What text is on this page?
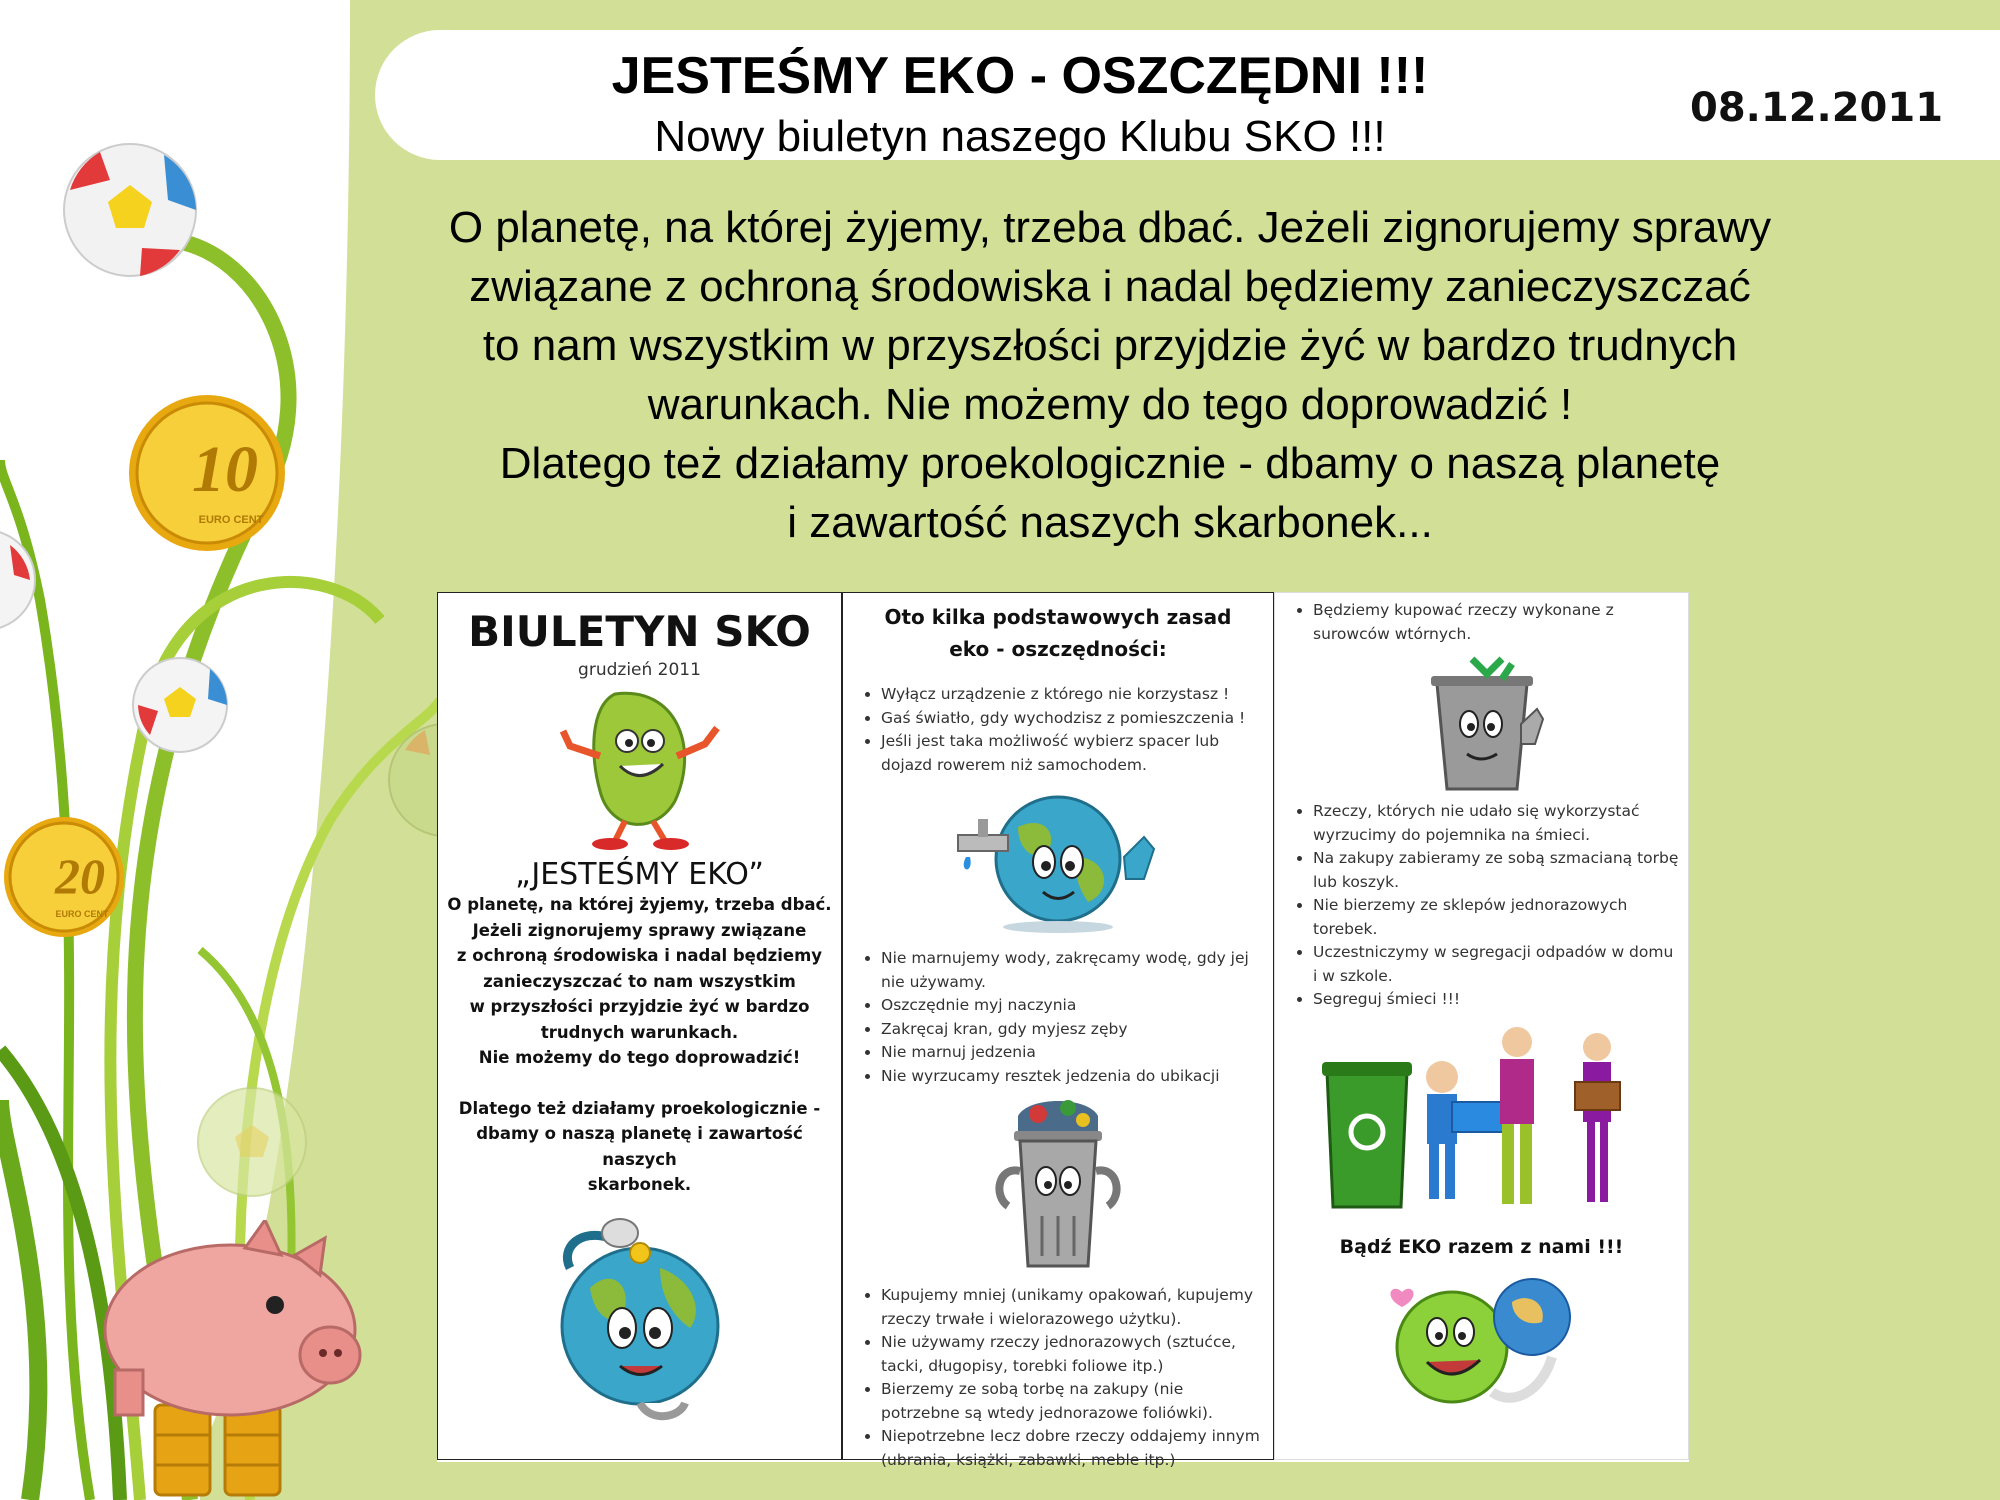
10
EURO CENT
20
EURO CENT
JESTEŚMY EKO - OSZCZĘDNI !!!
Nowy biuletyn naszego Klubu SKO !!!
08.12.2011

O planetę, na której żyjemy, trzeba dbać. Jeżeli zignorujemy sprawy

związane z ochroną środowiska i nadal będziemy zanieczyszczać

to nam wszystkim w przyszłości przyjdzie żyć w bardzo trudnych

warunkach. Nie możemy do tego doprowadzić !

Dlatego też działamy proekologicznie - dbamy o naszą planetę

i zawartość naszych skarbonek...

BIULETYN SKO
grudzień 2011
„JESTEŚMY EKO”

O planetę, na której żyjemy, trzeba dbać.

Jeżeli zignorujemy sprawy związane

z ochroną środowiska i nadal będziemy

zanieczyszczać to nam wszystkim

w przyszłości przyjdzie żyć w bardzo

trudnych warunkach.

Nie możemy do tego doprowadzić!

Dlatego też działamy proekologicznie -

dbamy o naszą planetę i zawartość naszych

skarbonek.

Oto kilka podstawowych zasad
eko - oszczędności:
• Wyłącz urządzenie z którego nie korzystasz !
• Gaś światło, gdy wychodzisz z pomieszczenia !
• Jeśli jest taka możliwość wybierz spacer lub dojazd rowerem niż samochodem.
• Nie marnujemy wody, zakręcamy wodę, gdy jej nie używamy.
• Oszczędnie myj naczynia
• Zakręcaj kran, gdy myjesz zęby
• Nie marnuj jedzenia
• Nie wyrzucamy resztek jedzenia do ubikacji
• Kupujemy mniej (unikamy opakowań, kupujemy rzeczy trwałe i wielorazowego użytku).
• Nie używamy rzeczy jednorazowych (sztućce, tacki, długopisy, torebki foliowe itp.)
• Bierzemy ze sobą torbę na zakupy (nie potrzebne są wtedy jednorazowe foliówki).
• Niepotrzebne lecz dobre rzeczy oddajemy innym (ubrania, książki, zabawki, meble itp.)
• Będziemy kupować rzeczy wykonane z surowców wtórnych.
• Rzeczy, których nie udało się wykorzystać wyrzucimy do pojemnika na śmieci.
• Na zakupy zabieramy ze sobą szmacianą torbę lub koszyk.
• Nie bierzemy ze sklepów jednorazowych torebek.
• Uczestniczymy w segregacji odpadów w domu i w szkole.
• Segreguj śmieci !!!
Bądź EKO razem z nami !!!
